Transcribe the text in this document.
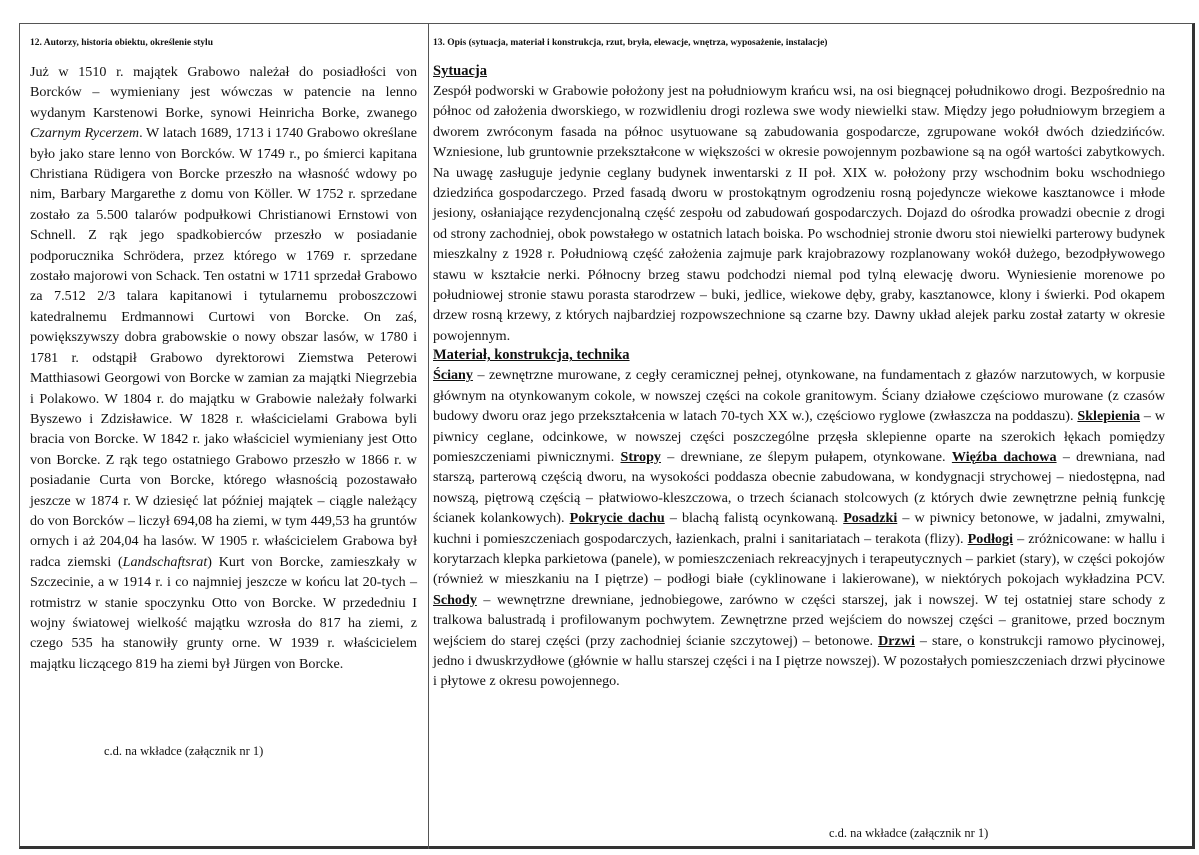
12. Autorzy, historia obiektu, określenie stylu

Już w 1510 r. majątek Grabowo należał do posiadłości von Borcków – wymieniany jest wówczas w patencie na lenno wydanym Karstenowi Borke, synowi Heinricha Borke, zwanego Czarnym Rycerzem. W latach 1689, 1713 i 1740 Grabowo określane było jako stare lenno von Borcków. W 1749 r., po śmierci kapitana Christiana Rüdigera von Borcke przeszło na własność wdowy po nim, Barbary Margarethe z domu von Köller. W 1752 r. sprzedane zostało za 5.500 talarów podpułkowi Christianowi Ernstowi von Schnell. Z rąk jego spadkobierców przeszło w posiadanie podporucznika Schrödera, przez którego w 1769 r. sprzedane zostało majorowi von Schack. Ten ostatni w 1711 sprzedał Grabowo za 7.512 2/3 talara kapitanowi i tytularnemu proboszczowi katedralnemu Erdmannowi Curtowi von Borcke. On zaś, powiększywszy dobra grabowskie o nowy obszar lasów, w 1780 i 1781 r. odstąpił Grabowo dyrektorowi Ziemstwa Peterowi Matthiasowi Georgowi von Borcke w zamian za majątki Niegrzebia i Polakowo. W 1804 r. do majątku w Grabowie należały folwarki Byszewo i Zdzisławice. W 1828 r. właścicielami Grabowa byli bracia von Borcke. W 1842 r. jako właściciel wymieniany jest Otto von Borcke. Z rąk tego ostatniego Grabowo przeszło w 1866 r. w posiadanie Curta von Borcke, którego własnością pozostawało jeszcze w 1874 r. W dziesięć lat później majątek – ciągle należący do von Borcków – liczył 694,08 ha ziemi, w tym 449,53 ha gruntów ornych i aż 204,04 ha lasów. W 1905 r. właścicielem Grabowa był radca ziemski (Landschaftsrat) Kurt von Borcke, zamieszkały w Szczecinie, a w 1914 r. i co najmniej jeszcze w końcu lat 20-tych – rotmistrz w stanie spoczynku Otto von Borcke. W przededniu I wojny światowej wielkość majątku wzrosła do 817 ha ziemi, z czego 535 ha stanowiły grunty orne. W 1939 r. właścicielem majątku liczącego 819 ha ziemi był Jürgen von Borcke.

c.d. na wkładce (załącznik nr 1)
13. Opis (sytuacja, materiał i konstrukcja, rzut, bryła, elewacje, wnętrza, wyposażenie, instalacje)
Sytuacja
Zespół podworski w Grabowie położony jest na południowym krańcu wsi, na osi biegnącej południkowo drogi. Bezpośrednio na północ od założenia dworskiego, w rozwidleniu drogi rozlewa swe wody niewielki staw. Między jego południowym brzegiem a dworem zwróconym fasada na północ usytuowane są zabudowania gospodarcze, zgrupowane wokół dwóch dziedzińców. Wzniesione, lub gruntownie przekształcone w większości w okresie powojennym pozbawione są na ogół wartości zabytkowych. Na uwagę zasługuje jedynie ceglany budynek inwentarski z II poł. XIX w. położony przy wschodnim boku wschodniego dziedzińca gospodarczego. Przed fasadą dworu w prostokątnym ogrodzeniu rosną pojedyncze wiekowe kasztanowce i młode jesiony, osłaniające rezydencjonalną część zespołu od zabudowań gospodarczych. Dojazd do ośrodka prowadzi obecnie z drogi od strony zachodniej, obok powstałego w ostatnich latach boiska. Po wschodniej stronie dworu stoi niewielki parterowy budynek mieszkalny z 1928 r. Południową część założenia zajmuje park krajobrazowy rozplanowany wokół dużego, bezodpływowego stawu w kształcie nerki. Północny brzeg stawu podchodzi niemal pod tylną elewację dworu. Wyniesienie morenowe po południowej stronie stawu porasta starodrzew – buki, jedlice, wiekowe dęby, graby, kasztanowce, klony i świerki. Pod okapem drzew rosną krzewy, z których najbardziej rozpowszechnione są czarne bzy. Dawny układ alejek parku został zatarty w okresie powojennym.
Materiał, konstrukcja, technika
Ściany – zewnętrzne murowane, z cegły ceramicznej pełnej, otynkowane, na fundamentach z głazów narzutowych, w korpusie głównym na otynkowanym cokole, w nowszej części na cokole granitowym. Ściany działowe częściowo murowane (z czasów budowy dworu oraz jego przekształcenia w latach 70-tych XX w.), częściowo ryglowe (zwłaszcza na poddaszu). Sklepienia – w piwnicy ceglane, odcinkowe, w nowszej części poszczególne przęsła sklepienne oparte na szerokich łękach pomiędzy pomieszczeniami piwnicznymi. Stropy – drewniane, ze ślepym pułapem, otynkowane. Więźba dachowa – drewniana, nad starszą, parterową częścią dworu, na wysokości poddasza obecnie zabudowana, w kondygnacji strychowej – niedostępna, nad nowszą, piętrową częścią – płatwiowo-kleszczowa, o trzech ścianach stolcowych (z których dwie zewnętrzne pełnią funkcję ścianek kolankowych). Pokrycie dachu – blachą falistą ocynkowaną. Posadzki – w piwnicy betonowe, w jadalni, zmywalni, kuchni i pomieszczeniach gospodarczych, łazienkach, pralni i sanitariatach – terakota (flizy). Podłogi – zróżnicowane: w hallu i korytarzach klepka parkietowa (panele), w pomieszczeniach rekreacyjnych i terapeutycznych – parkiet (stary), w części pokojów (również w mieszkaniu na I piętrze) – podłogi białe (cyklinowane i lakierowane), w niektórych pokojach wykładzina PCV. Schody – wewnętrzne drewniane, jednobiegowe, zarówno w części starszej, jak i nowszej. W tej ostatniej stare schody z tralkowa balustradą i profilowanym pochwytem. Zewnętrzne przed wejściem do nowszej części – granitowe, przed bocznym wejściem do starej części (przy zachodniej ścianie szczytowej) – betonowe. Drzwi – stare, o konstrukcji ramowo płycinowej, jedno i dwuskrzydłowe (głównie w hallu starszej części i na I piętrze nowszej). W pozostałych pomieszczeniach drzwi płycinowe i płytowe z okresu powojennego.
c.d. na wkładce (załącznik nr 1)
